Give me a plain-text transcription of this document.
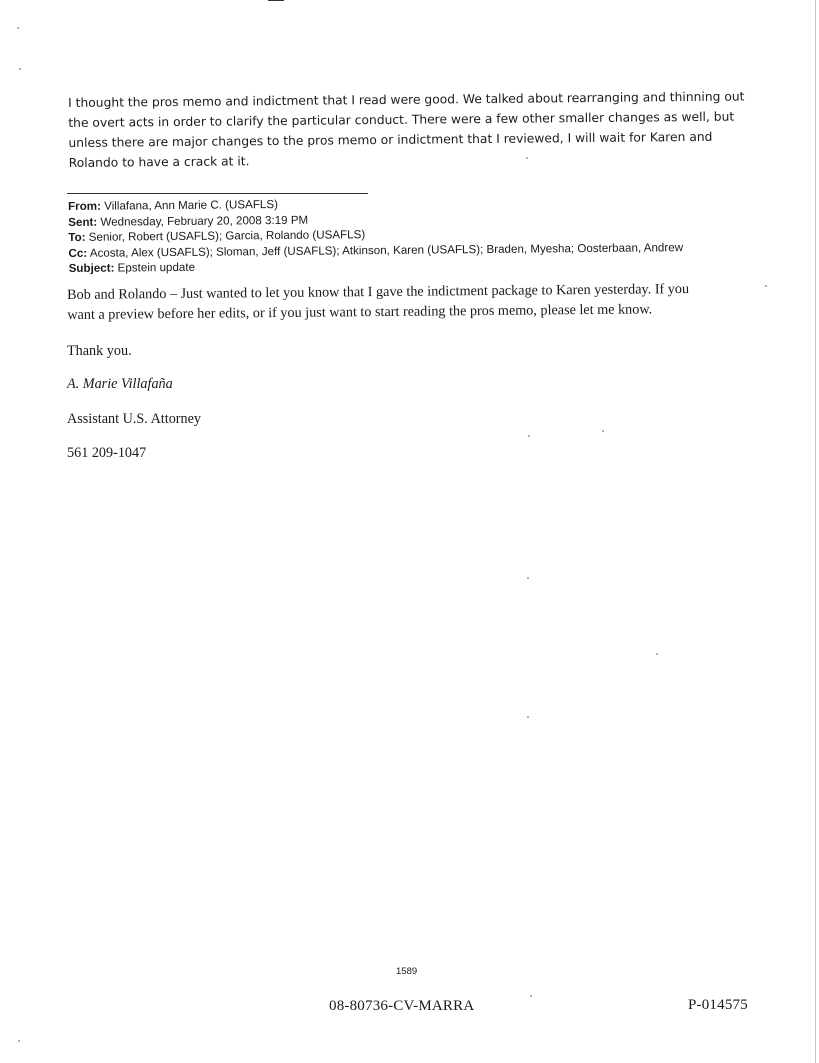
I thought the pros memo and indictment that I read were good. We talked about rearranging and thinning out
the overt acts in order to clarify the particular conduct. There were a few other smaller changes as well, but
unless there are major changes to the pros memo or indictment that I reviewed, I will wait for Karen and
Rolando to have a crack at it.
From: Villafana, Ann Marie C. (USAFLS)
Sent: Wednesday, February 20, 2008 3:19 PM
To: Senior, Robert (USAFLS); Garcia, Rolando (USAFLS)
Cc: Acosta, Alex (USAFLS); Sloman, Jeff (USAFLS); Atkinson, Karen (USAFLS); Braden, Myesha; Oosterbaan, Andrew
Subject: Epstein update
Bob and Rolando – Just wanted to let you know that I gave the indictment package to Karen yesterday. If you
want a preview before her edits, or if you just want to start reading the pros memo, please let me know.
Thank you.
A. Marie Villafaña
Assistant U.S. Attorney
561 209-1047
1589
08-80736-CV-MARRA	P-014575
